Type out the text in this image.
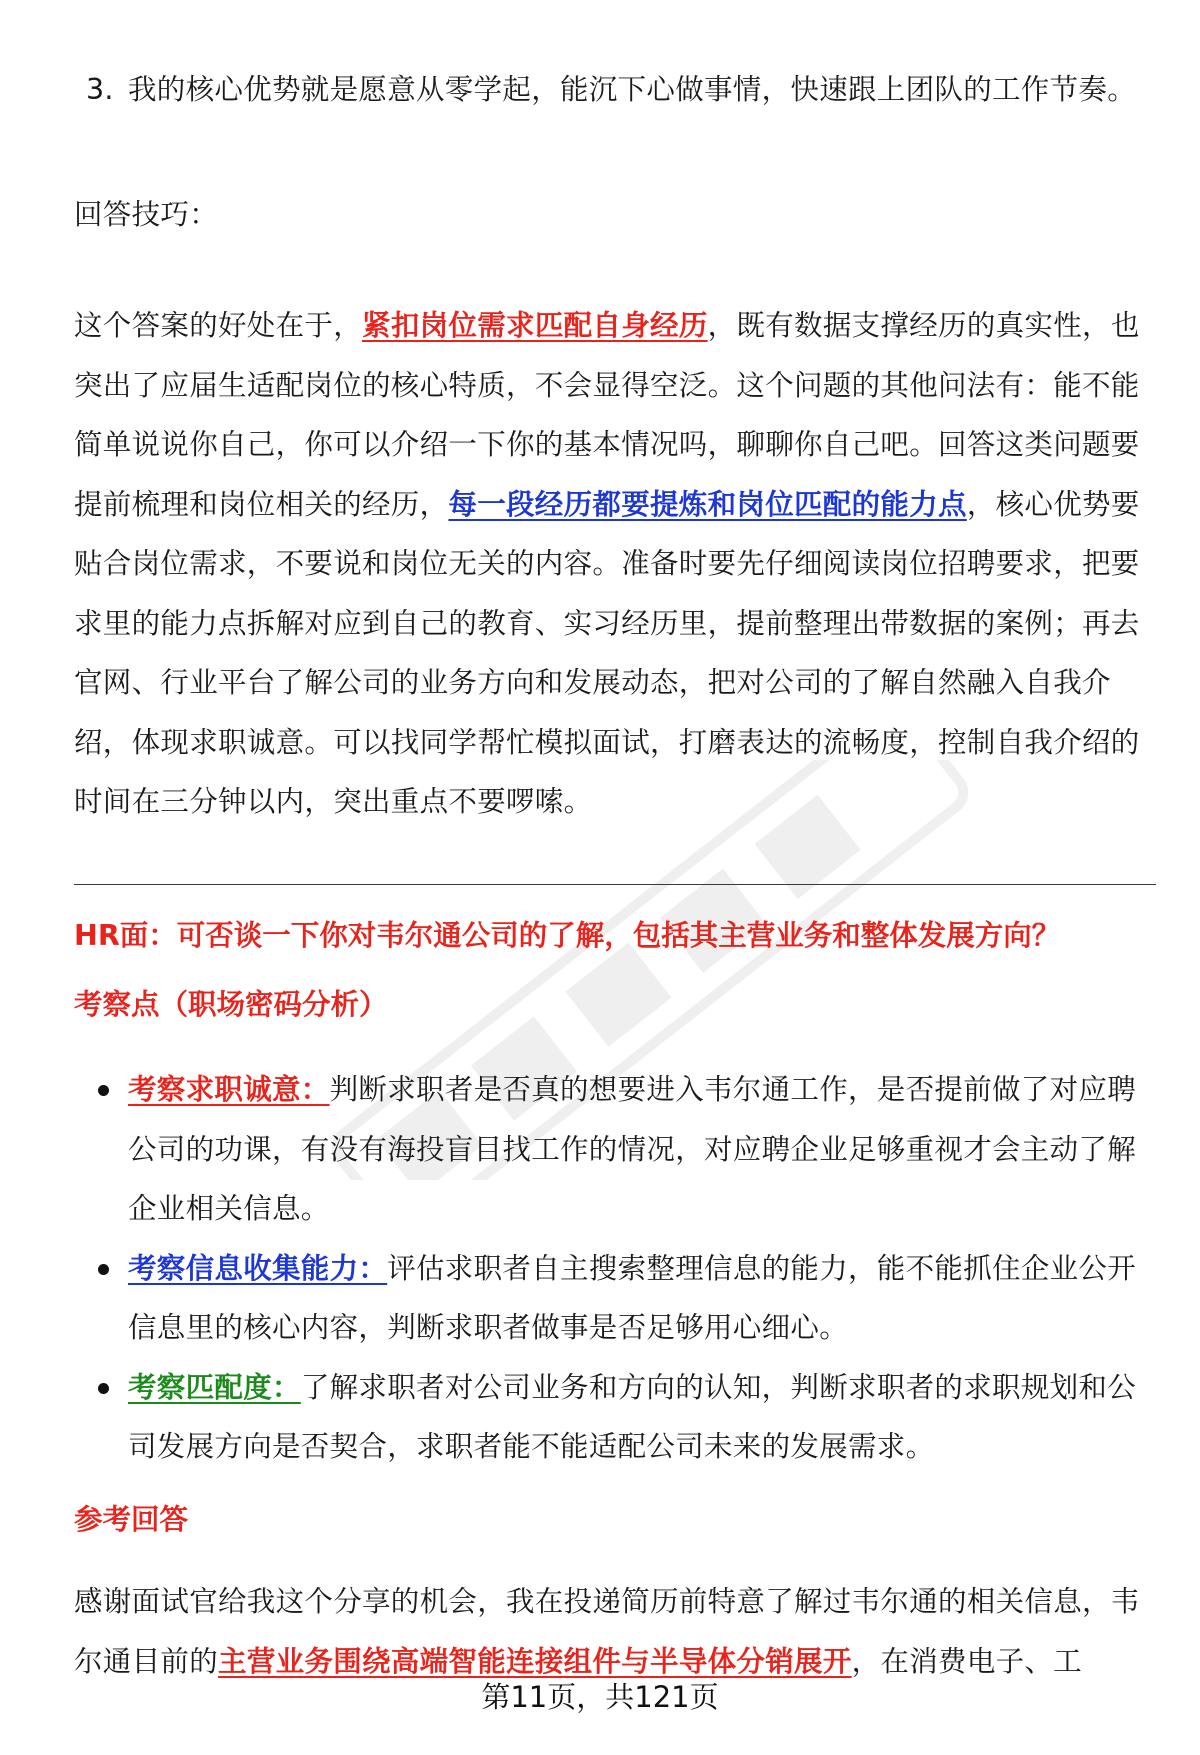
3. 我的核心优势就是愿意从零学起，能沉下心做事情，快速跟上团队的工作节奏。
回答技巧：
这个答案的好处在于，紧扣岗位需求匹配自身经历，既有数据支撑经历的真实性，也突出了应届生适配岗位的核心特质，不会显得空泛。这个问题的其他问法有：能不能简单说说你自己，你可以介绍一下你的基本情况吗，聊聊你自己吧。回答这类问题要提前梳理和岗位相关的经历，每一段经历都要提炼和岗位匹配的能力点，核心优势要贴合岗位需求，不要说和岗位无关的内容。准备时要先仔细阅读岗位招聘要求，把要求里的能力点拆解对应到自己的教育、实习经历里，提前整理出带数据的案例；再去官网、行业平台了解公司的业务方向和发展动态，把对公司的了解自然融入自我介绍，体现求职诚意。可以找同学帮忙模拟面试，打磨表达的流畅度，控制自我介绍的时间在三分钟以内，突出重点不要啰嗦。
HR面：可否谈一下你对韦尔通公司的了解，包括其主营业务和整体发展方向？
考察点（职场密码分析）
考察求职诚意：判断求职者是否真的想要进入韦尔通工作，是否提前做了对应聘公司的功课，有没有海投盲目找工作的情况，对应聘企业足够重视才会主动了解企业相关信息。
考察信息收集能力：评估求职者自主搜索整理信息的能力，能不能抓住企业公开信息里的核心内容，判断求职者做事是否足够用心细心。
考察匹配度：了解求职者对公司业务和方向的认知，判断求职者的求职规划和公司发展方向是否契合，求职者能不能适配公司未来的发展需求。
参考回答
感谢面试官给我这个分享的机会，我在投递简历前特意了解过韦尔通的相关信息，韦尔通目前的主营业务围绕高端智能连接组件与半导体分销展开，在消费电子、工
第11页，共121页
